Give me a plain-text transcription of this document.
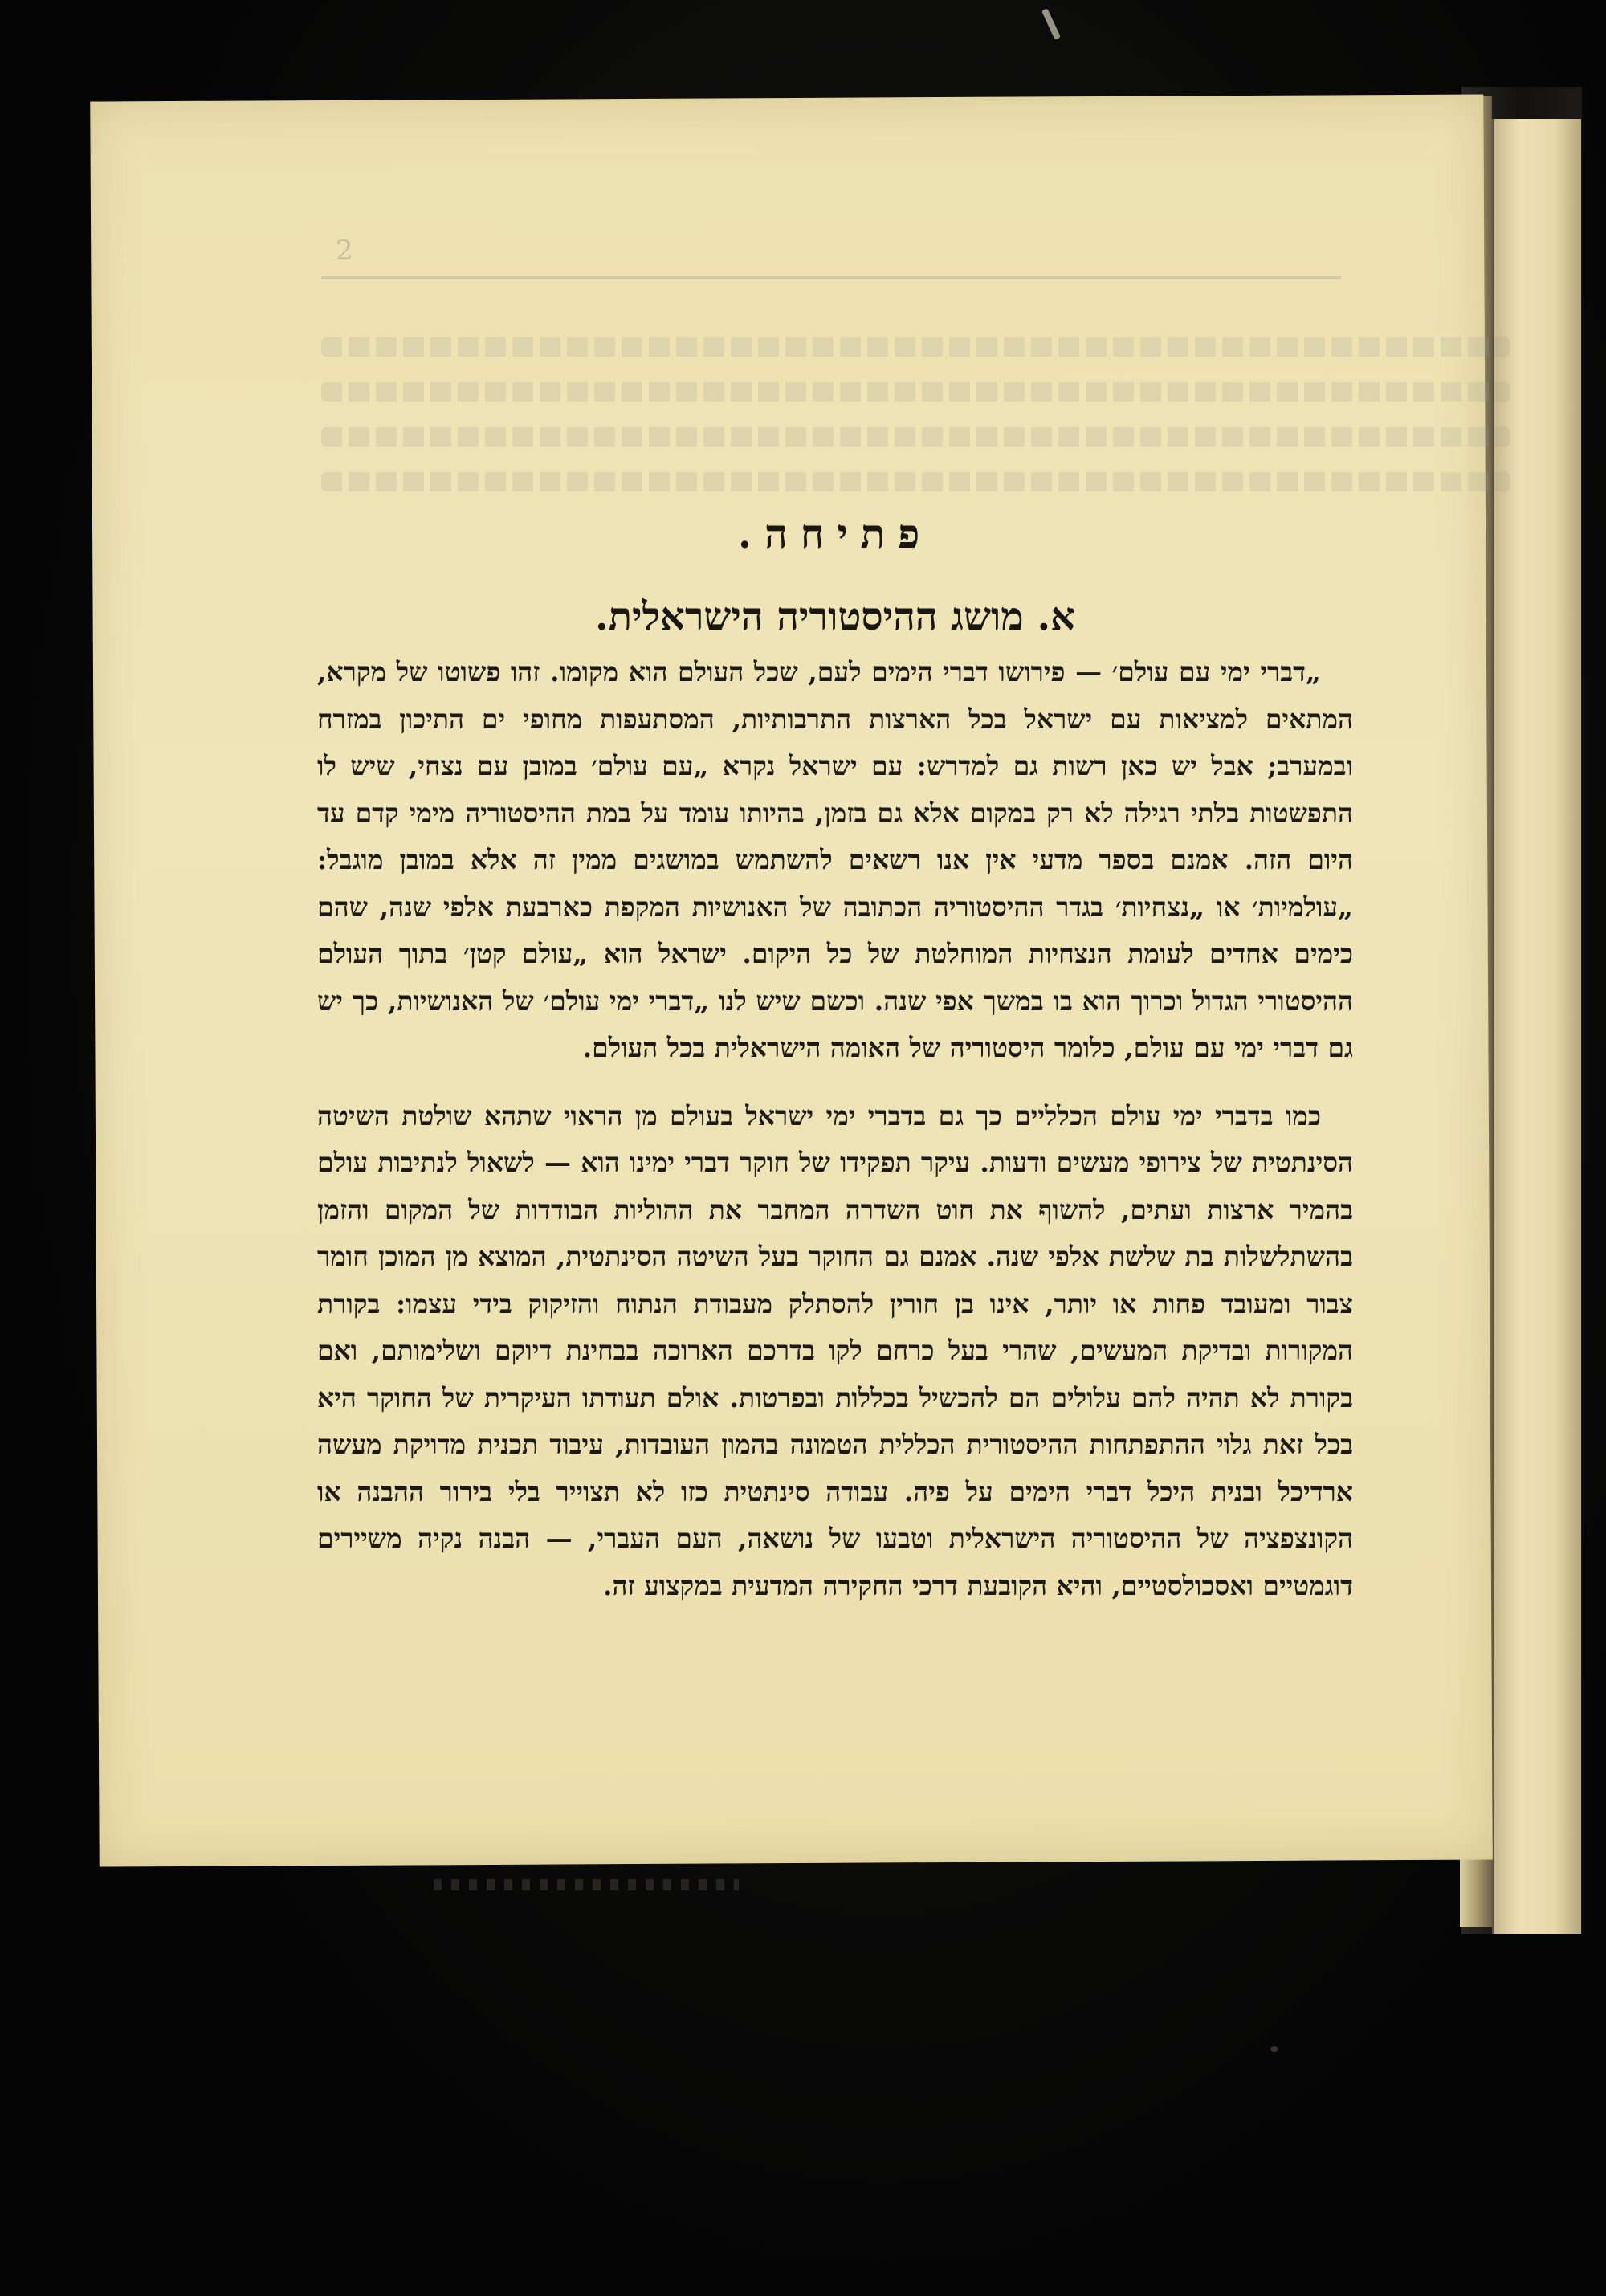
2
פתיחה.
א. מושג ההיסטוריה הישראלית.

„דברי ימי עם עולם׳ — פירושו דברי הימים לעם, שכל העולם הוא מקומו. זהו פשוטו של מקרא, המתאים למציאות עם ישראל בכל הארצות התרבותיות, המסתעפות מחופי ים התיכון במזרח ובמערב; אבל יש כאן רשות גם למדרש: עם ישראל נקרא „עם עולם׳ במובן עם נצחי, שיש לו התפשטות בלתי רגילה לא רק במקום אלא גם בזמן, בהיותו עומד על במת ההיסטוריה מימי קדם עד היום הזה. אמנם בספר מדעי אין אנו רשאים להשתמש במושגים ממין זה אלא במובן מוגבל: „עולמיות׳ או „נצחיות׳ בגדר ההיסטוריה הכתובה של האנושיות המקפת כארבעת אלפי שנה, שהם כימים אחדים לעומת הנצחיות המוחלטת של כל היקום. ישראל הוא „עולם קטן׳ בתוך העולם ההיסטורי הגדול וכרוך הוא בו במשך אפי שנה. וכשם שיש לנו „דברי ימי עולם׳ של האנושיות, כך יש גם דברי ימי עם עולם, כלומר היסטוריה של האומה הישראלית בכל העולם.

כמו בדברי ימי עולם הכלליים כך גם בדברי ימי ישראל בעולם מן הראוי שתהא שולטת השיטה הסינתטית של צירופי מעשים ודעות. עיקר תפקידו של חוקר דברי ימינו הוא — לשאול לנתיבות עולם בהמיר ארצות ועתים, להשוף את חוט השדרה המחבר את ההוליות הבודדות של המקום והזמן בהשתלשלות בת שלשת אלפי שנה. אמנם גם החוקר בעל השיטה הסינתטית, המוצא מן המוכן חומר צבור ומעובד פחות או יותר, אינו בן חורין להסתלק מעבודת הנתוח והזיקוק בידי עצמו: בקורת המקורות ובדיקת המעשים, שהרי בעל כרחם לקו בדרכם הארוכה בבחינת דיוקם ושלימותם, ואם בקורת לא תהיה להם עלולים הם להכשיל בכללות ובפרטות. אולם תעודתו העיקרית של החוקר היא בכל זאת גלוי ההתפתחות ההיסטורית הכללית הטמונה בהמון העובדות, עיבוד תכנית מדויקת מעשה ארדיכל ובנית היכל דברי הימים על פיה. עבודה סינתטית כזו לא תצוייר בלי בירור ההבנה או הקונצפציה של ההיסטוריה הישראלית וטבעו של נושאה, העם העברי, — הבנה נקיה משיירים דוגמטיים ואסכולסטיים, והיא הקובעת דרכי החקירה המדעית במקצוע זה.
